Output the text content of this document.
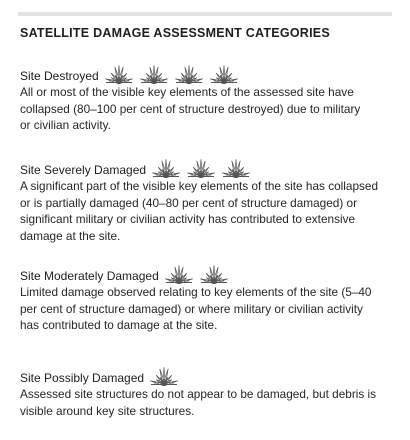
SATELLITE DAMAGE ASSESSMENT CATEGORIES
Site Destroyed

All or most of the visible key elements of the assessed site have
collapsed (80–100 per cent of structure destroyed) due to military
or civilian activity.

Site Severely Damaged

A significant part of the visible key elements of the site has collapsed
or is partially damaged (40–80 per cent of structure damaged) or
significant military or civilian activity has contributed to extensive
damage at the site.

Site Moderately Damaged

Limited damage observed relating to key elements of the site (5–40
per cent of structure damaged) or where military or civilian activity
has contributed to damage at the site.

Site Possibly Damaged

Assessed site structures do not appear to be damaged, but debris is
visible around key site structures.
